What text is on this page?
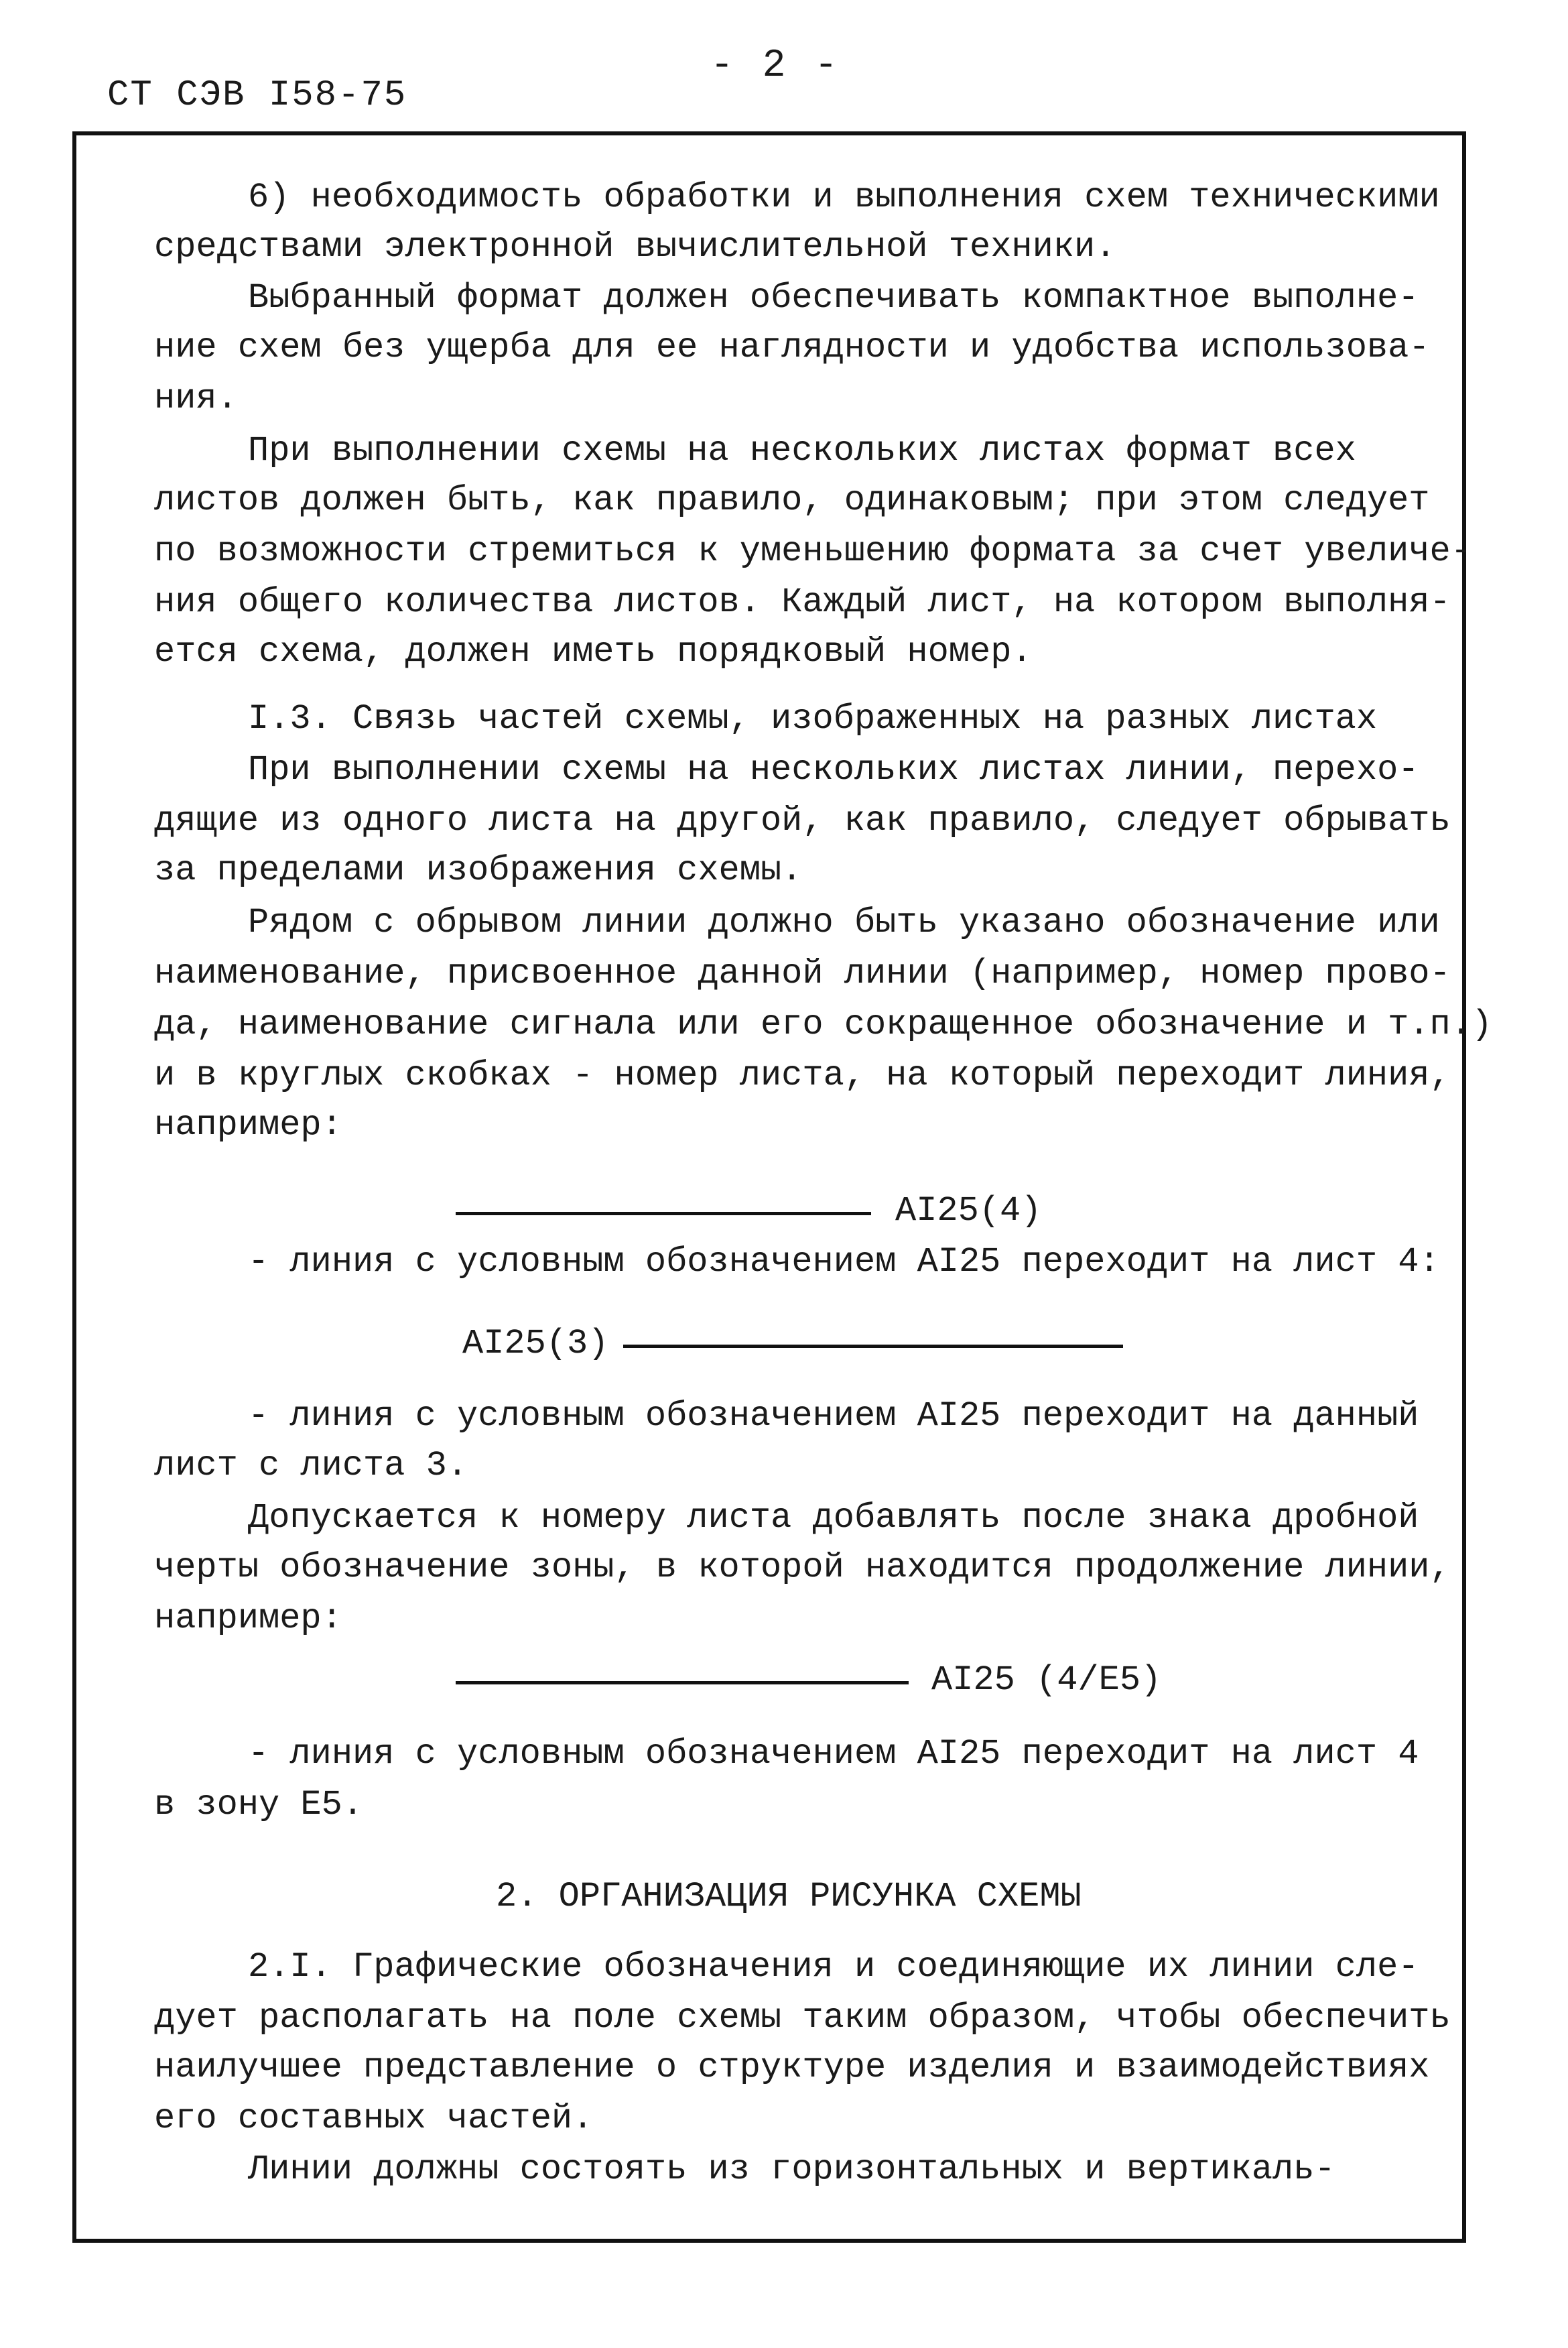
- 2 -
СТ СЭВ I58-75
6) необходимость обработки и выполнения схем техническими
средствами электронной вычислительной техники.
Выбранный формат должен обеспечивать компактное выполне-
ние схем без ущерба для ее наглядности и удобства использова-
ния.
При выполнении схемы на нескольких листах формат всех
листов должен быть, как правило, одинаковым; при этом следует
по возможности стремиться к уменьшению формата за счет увеличе-
ния общего количества листов. Каждый лист, на котором выполня-
ется схема, должен иметь порядковый номер.
I.3. Связь частей схемы, изображенных на разных листах
При выполнении схемы на нескольких листах линии, перехо-
дящие из одного листа на другой, как правило, следует обрывать
за пределами изображения схемы.
Рядом с обрывом линии должно быть указано обозначение или
наименование, присвоенное данной линии (например, номер прово-
да, наименование сигнала или его сокращенное обозначение и т.п.)
и в круглых скобках - номер листа, на который переходит линия,
например:
AI25(4)
- линия с условным обозначением AI25 переходит на лист 4:
AI25(3)
- линия с условным обозначением AI25 переходит на данный
лист с листа 3.
Допускается к номеру листа добавлять после знака дробной
черты обозначение зоны, в которой находится продолжение линии,
например:
AI25 (4/E5)
- линия с условным обозначением AI25 переходит на лист 4
в зону E5.
2. ОРГАНИЗАЦИЯ РИСУНКА СХЕМЫ
2.I. Графические обозначения и соединяющие их линии сле-
дует располагать на поле схемы таким образом, чтобы обеспечить
наилучшее представление о структуре изделия и взаимодействиях
его составных частей.
Линии должны состоять из горизонтальных и вертикаль-
